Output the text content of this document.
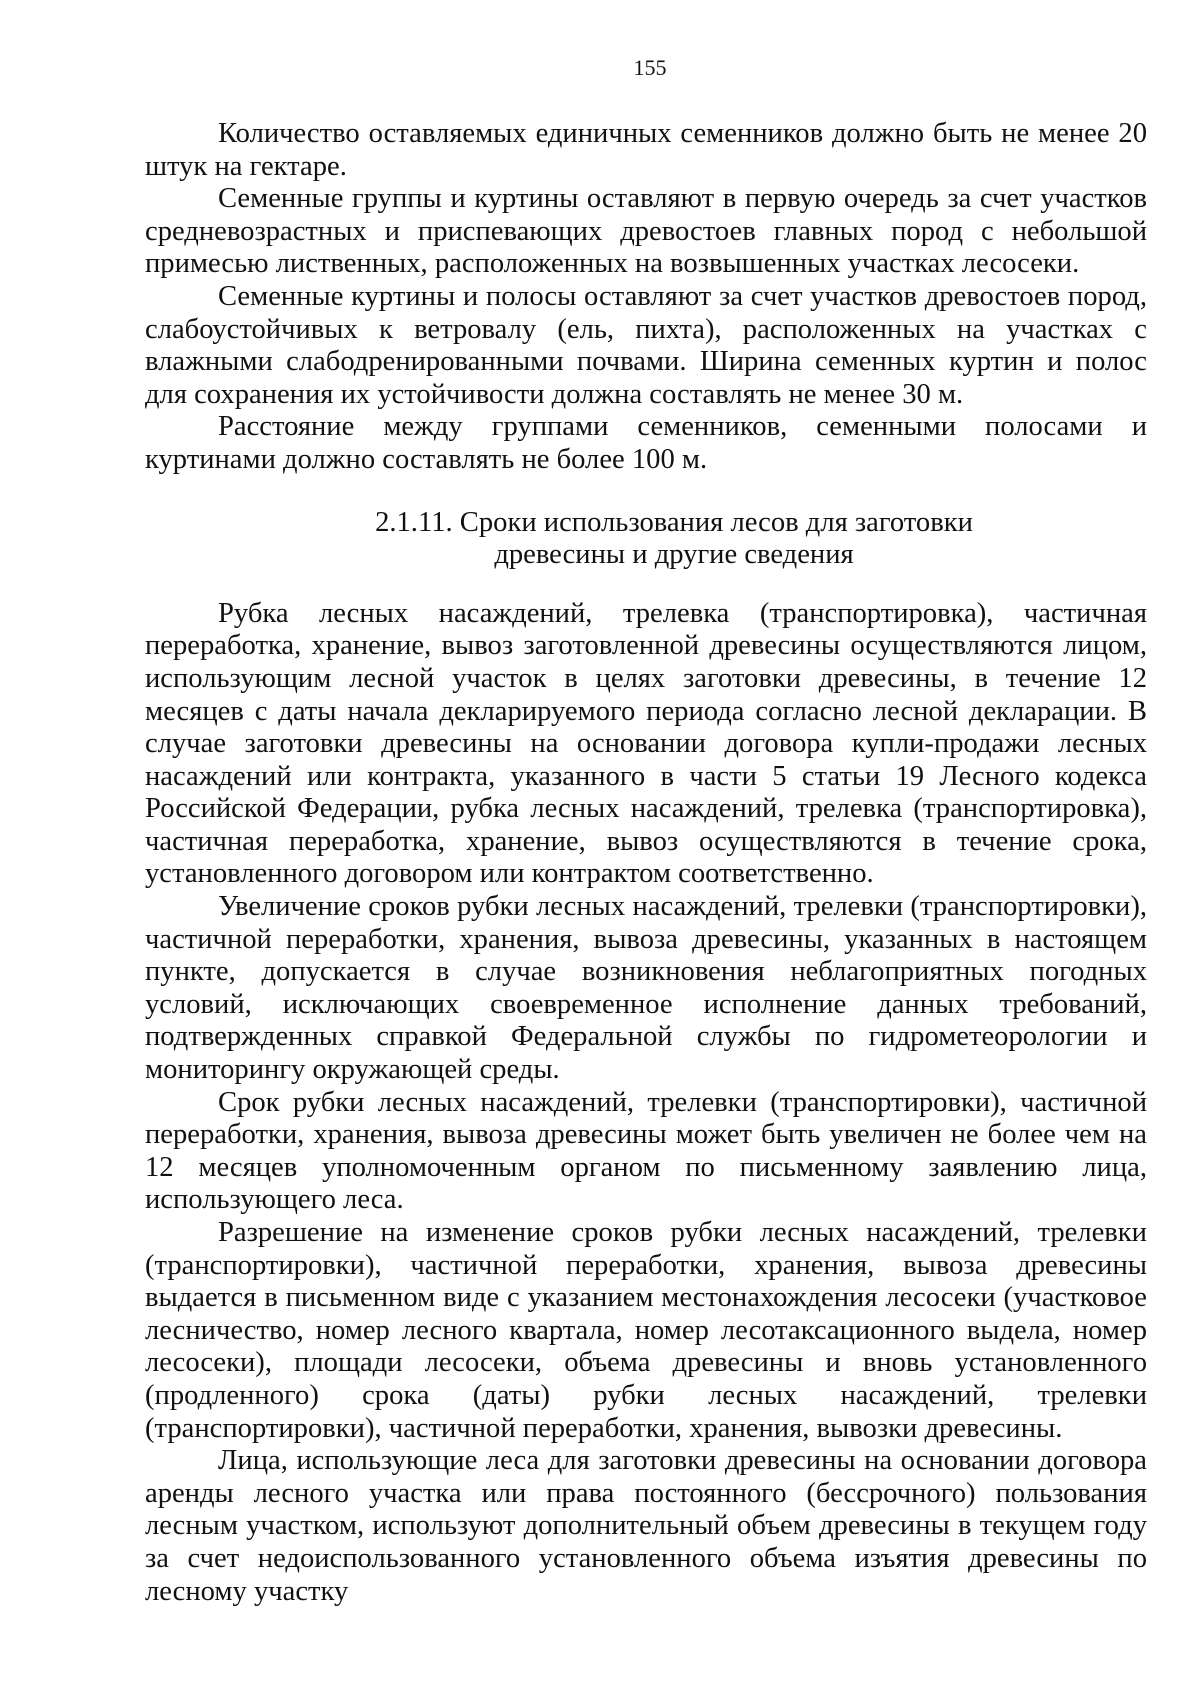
155

Количество оставляемых единичных семенников должно быть не менее 20 штук на гектаре.

Семенные группы и куртины оставляют в первую очередь за счет участков средневозрастных и приспевающих древостоев главных пород с небольшой примесью лиственных, расположенных на возвышенных участках лесосеки.

Семенные куртины и полосы оставляют за счет участков древостоев пород, слабоустойчивых к ветровалу (ель, пихта), расположенных на участках с влажными слабодренированными почвами. Ширина семенных куртин и полос для сохранения их устойчивости должна составлять не менее 30 м.

Расстояние между группами семенников, семенными полосами и куртинами должно составлять не более 100 м.

2.1.11. Сроки использования лесов для заготовки
древесины и другие сведения

Рубка лесных насаждений, трелевка (транспортировка), частичная переработка, хранение, вывоз заготовленной древесины осуществляются лицом, использующим лесной участок в целях заготовки древесины, в течение 12 месяцев с даты начала декларируемого периода согласно лесной декларации. В случае заготовки древесины на основании договора купли-продажи лесных насаждений или контракта, указанного в части 5 статьи 19 Лесного кодекса Российской Федерации, рубка лесных насаждений, трелевка (транспортировка), частичная переработка, хранение, вывоз осуществляются в течение срока, установленного договором или контрактом соответственно.

Увеличение сроков рубки лесных насаждений, трелевки (транспортировки), частичной переработки, хранения, вывоза древесины, указанных в настоящем пункте, допускается в случае возникновения неблагоприятных погодных условий, исключающих своевременное исполнение данных требований, подтвержденных справкой Федеральной службы по гидрометеорологии и мониторингу окружающей среды.

Срок рубки лесных насаждений, трелевки (транспортировки), частичной переработки, хранения, вывоза древесины может быть увеличен не более чем на 12 месяцев уполномоченным органом по письменному заявлению лица, использующего леса.

Разрешение на изменение сроков рубки лесных насаждений, трелевки (транспортировки), частичной переработки, хранения, вывоза древесины выдается в письменном виде с указанием местонахождения лесосеки (участковое лесничество, номер лесного квартала, номер лесотаксационного выдела, номер лесосеки), площади лесосеки, объема древесины и вновь установленного (продленного) срока (даты) рубки лесных насаждений, трелевки (транспортировки), частичной переработки, хранения, вывозки древесины.

Лица, использующие леса для заготовки древесины на основании договора аренды лесного участка или права постоянного (бессрочного) пользования лесным участком, используют дополнительный объем древесины в текущем году за счет недоиспользованного установленного объема изъятия древесины по лесному участку
